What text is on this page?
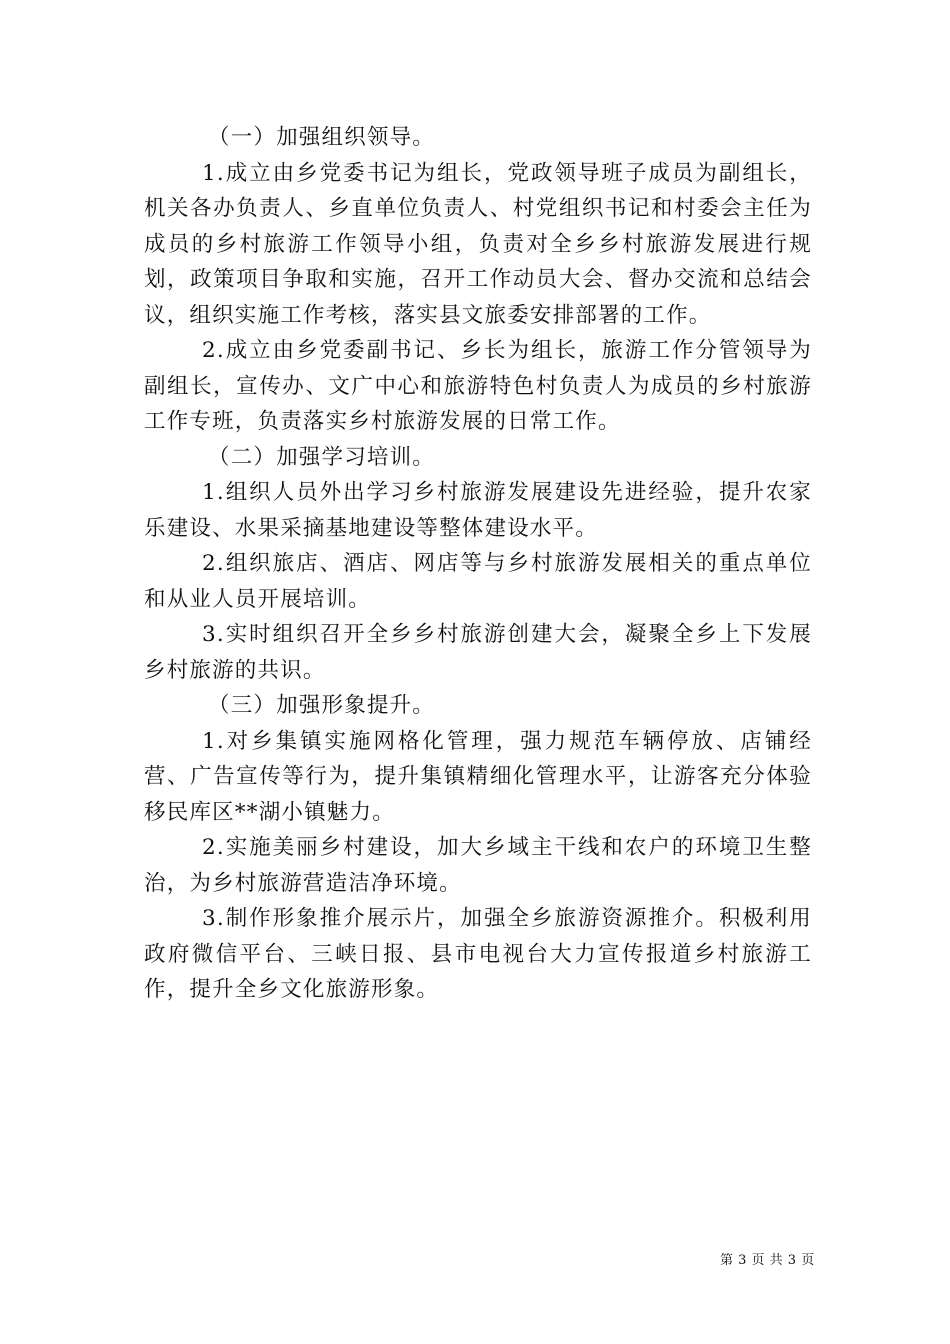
（一）加强组织领导。

1.成立由乡党委书记为组长，党政领导班子成员为副组长，机关各办负责人、乡直单位负责人、村党组织书记和村委会主任为成员的乡村旅游工作领导小组，负责对全乡乡村旅游发展进行规划，政策项目争取和实施，召开工作动员大会、督办交流和总结会议，组织实施工作考核，落实县文旅委安排部署的工作。

2.成立由乡党委副书记、乡长为组长，旅游工作分管领导为副组长，宣传办、文广中心和旅游特色村负责人为成员的乡村旅游工作专班，负责落实乡村旅游发展的日常工作。

（二）加强学习培训。

1.组织人员外出学习乡村旅游发展建设先进经验，提升农家乐建设、水果采摘基地建设等整体建设水平。

2.组织旅店、酒店、网店等与乡村旅游发展相关的重点单位和从业人员开展培训。

3.实时组织召开全乡乡村旅游创建大会，凝聚全乡上下发展乡村旅游的共识。

（三）加强形象提升。

1.对乡集镇实施网格化管理，强力规范车辆停放、店铺经营、广告宣传等行为，提升集镇精细化管理水平，让游客充分体验移民库区**湖小镇魅力。

2.实施美丽乡村建设，加大乡域主干线和农户的环境卫生整治，为乡村旅游营造洁净环境。

3.制作形象推介展示片，加强全乡旅游资源推介。积极利用政府微信平台、三峡日报、县市电视台大力宣传报道乡村旅游工作，提升全乡文化旅游形象。

第 3 页 共 3 页
